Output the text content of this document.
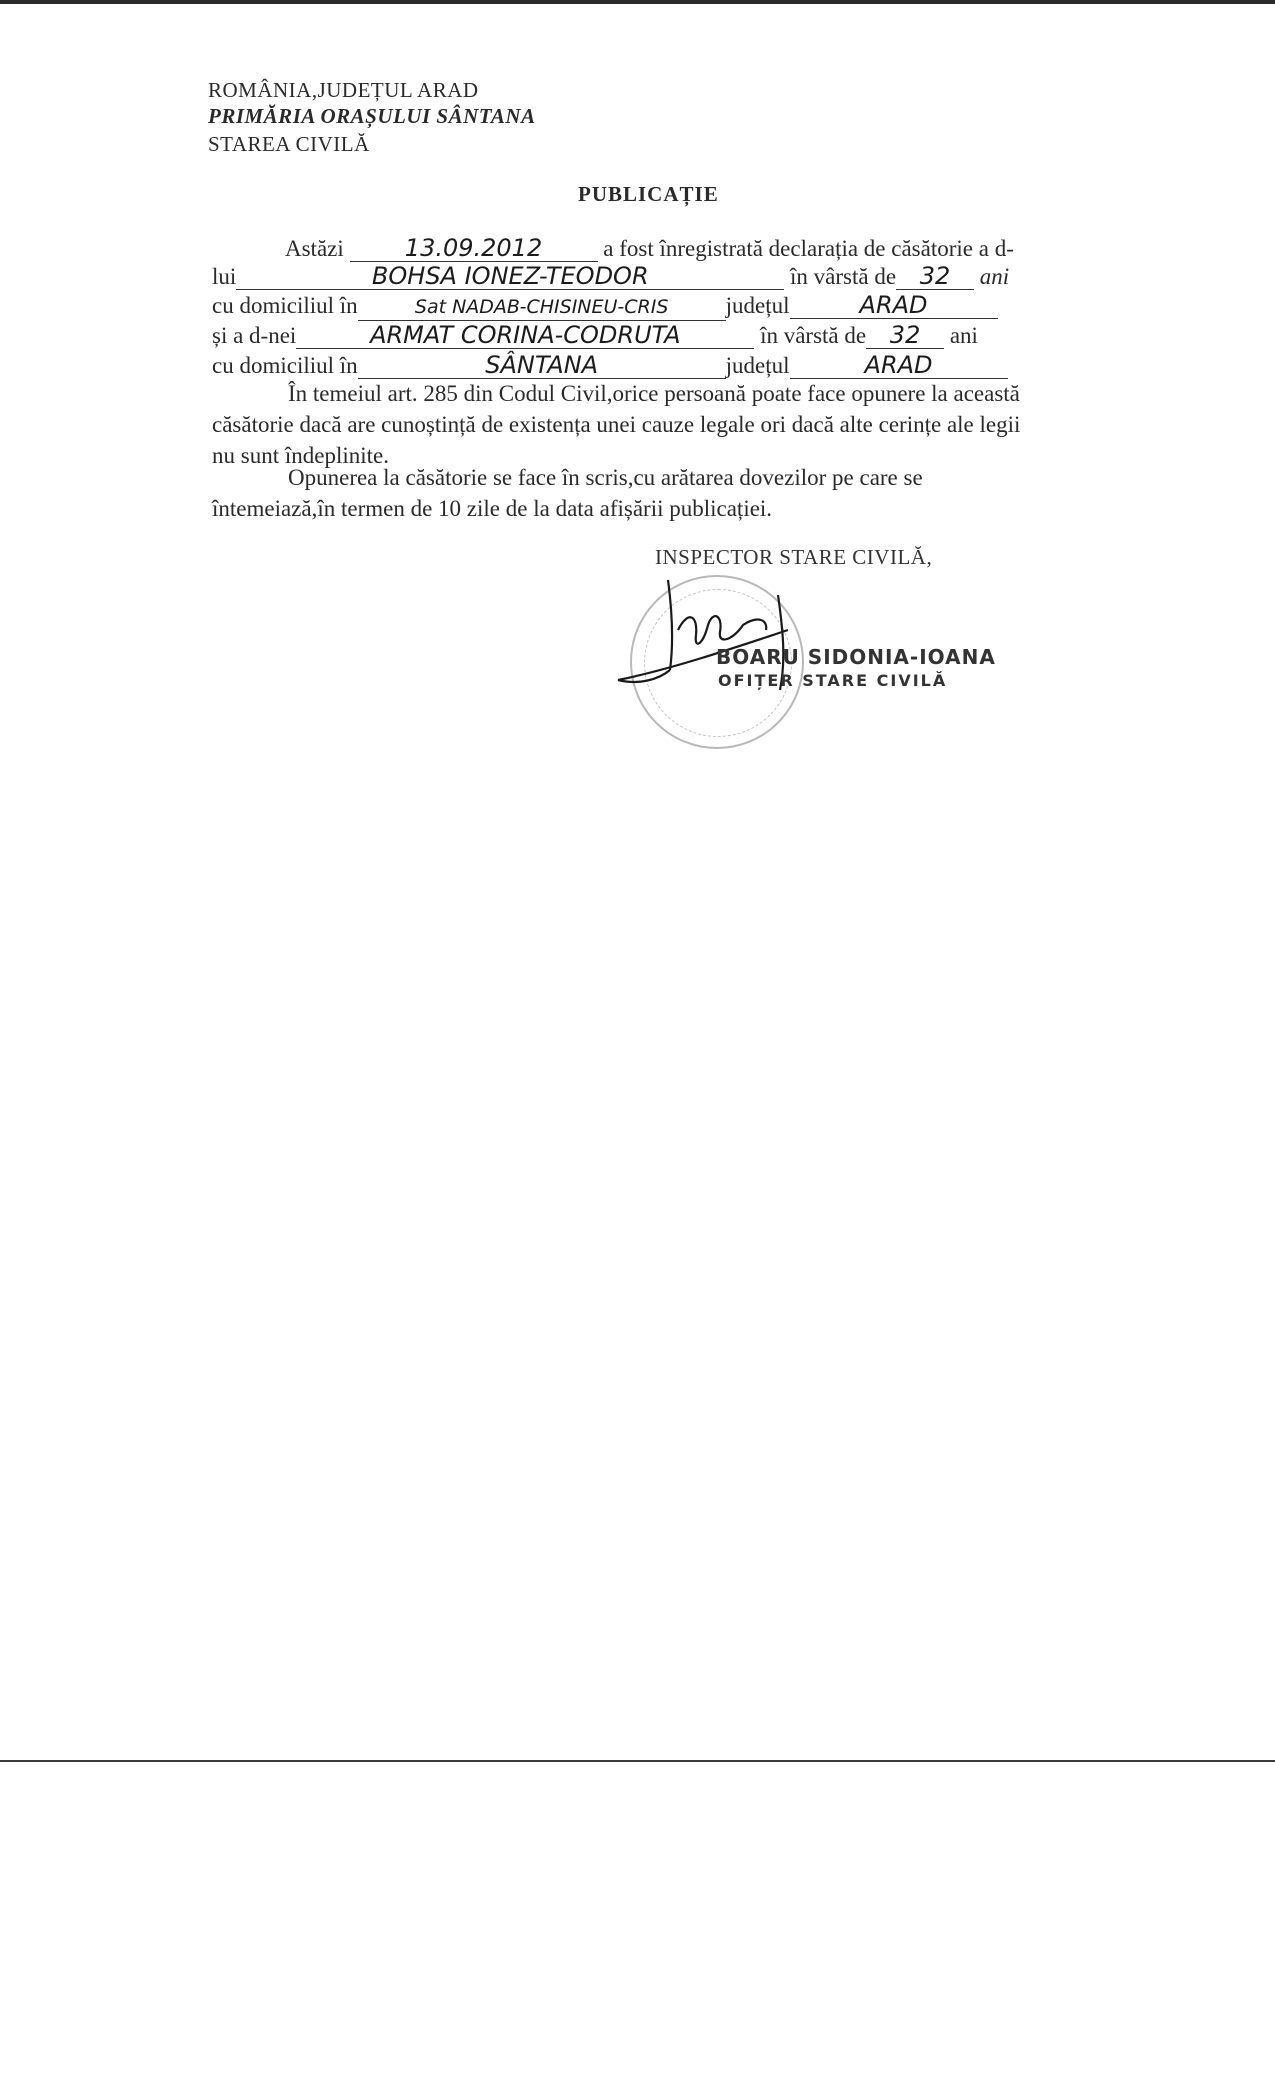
ROMÂNIA,JUDEȚUL ARAD
PRIMĂRIA ORAȘULUI SÂNTANA
STAREA CIVILĂ
PUBLICAȚIE
Astăzi	13.09.2012	a fost înregistrată declarația de căsătorie a d-
lui	BOHSA IONEZ-TEODOR	în vârstă de 32 ani
cu domiciliul în	Sat NADAB-CHISINEU-CRIS județul	ARAD
și a d-nei	ARMAT CORINA-CODRUTA	în vârstă de 32 ani
cu domiciliul în	SÂNTANA	județul	ARAD
În temeiul art. 285 din Codul Civil,orice persoană poate face opunere la această căsătorie dacă are cunoștință de existența unei cauze legale ori dacă alte cerințe ale legii nu sunt îndeplinite.
Opunerea la căsătorie se face în scris,cu arătarea dovezilor pe care se întemeiază,în termen de 10 zile de la data afișării publicației.
INSPECTOR STARE CIVILĂ,
BOARU SIDONIA-IOANA
OFIȚER STARE CIVILĂ
